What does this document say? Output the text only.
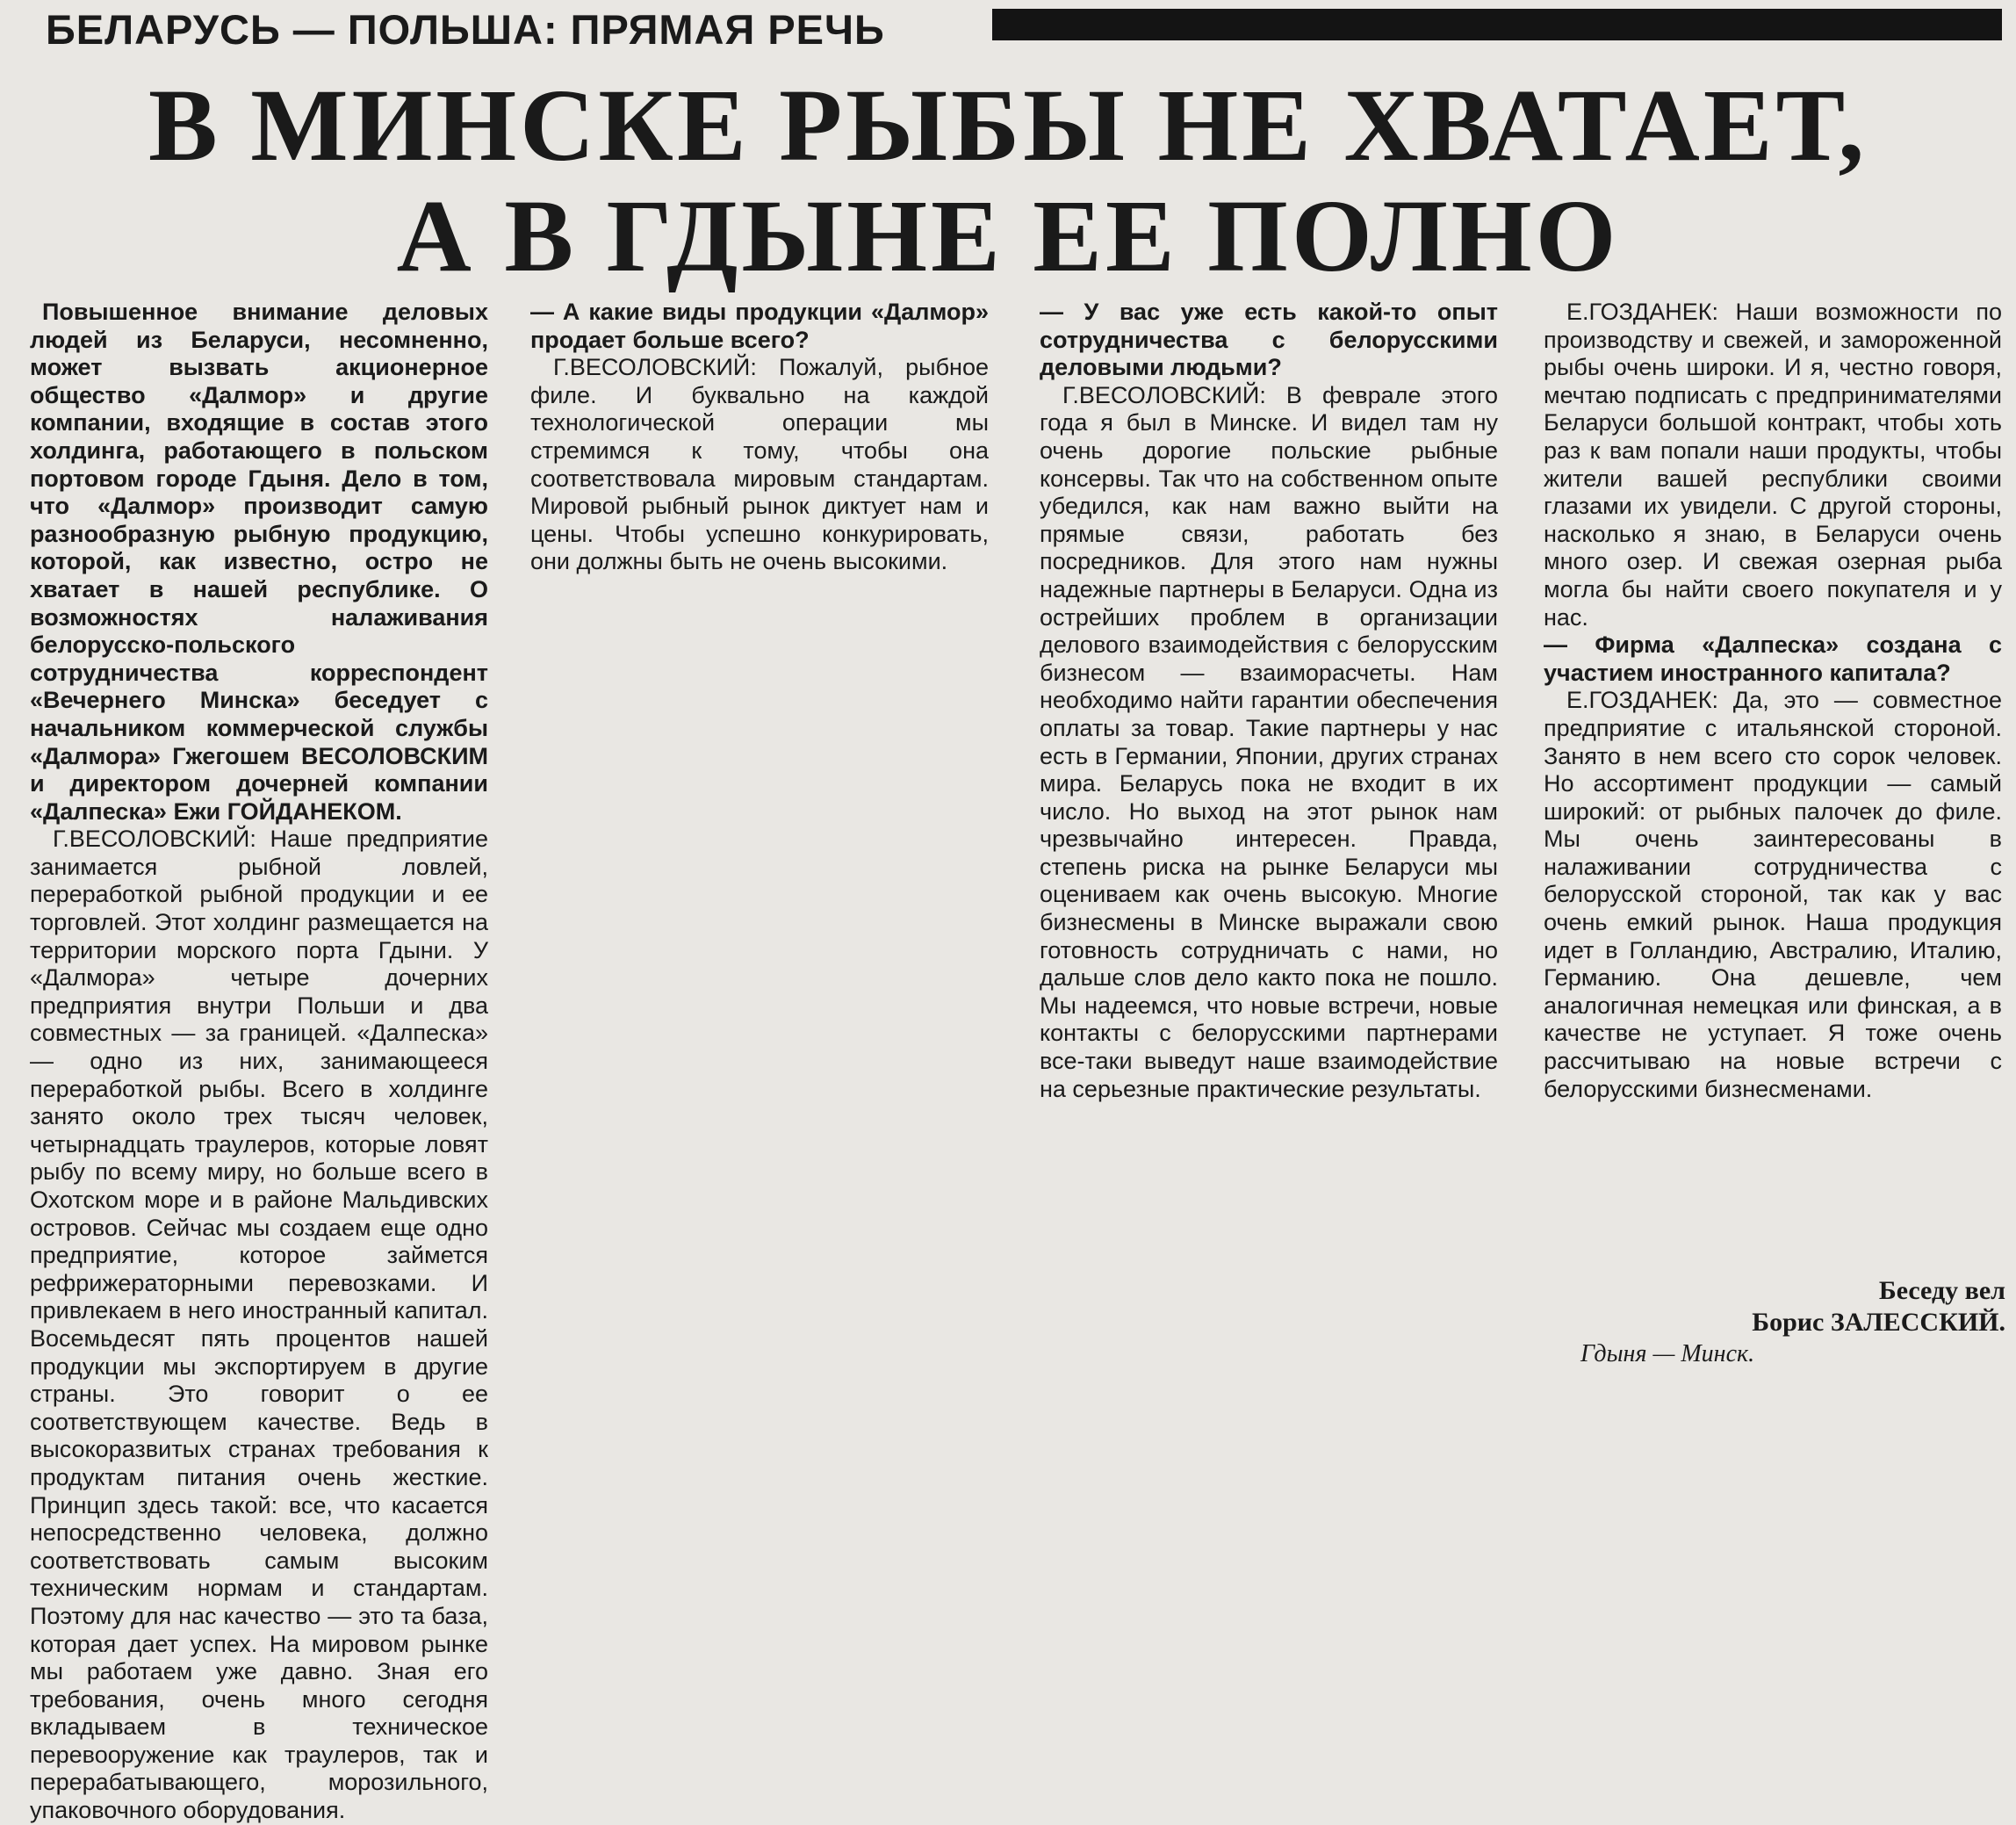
БЕЛАРУСЬ — ПОЛЬША: ПРЯМАЯ РЕЧЬ
В МИНСКЕ РЫБЫ НЕ ХВАТАЕТ,
А В ГДЫНЕ ЕЕ ПОЛНО

Повышенное внимание деловых людей из Беларуси, несомненно, может вызвать акционерное общество «Далмор» и другие компании, входящие в состав этого холдинга, работающего в польском портовом городе Гдыня. Дело в том, что «Далмор» производит самую разнообразную рыбную продукцию, которой, как известно, остро не хватает в нашей республике. О возможностях налаживания белорусско-польского сотрудничества корреспондент «Вечернего Минска» беседует с начальником коммерческой службы «Далмора» Гжегошем ВЕСОЛОВСКИМ и директором дочерней компании «Далпеска» Ежи ГОЙДАНЕКОМ.

Г.ВЕСОЛОВСКИЙ: Наше предприятие занимается рыбной ловлей, переработкой рыбной продукции и ее торговлей. Этот холдинг размещается на территории морского порта Гдыни. У «Далмора» четыре дочерних предприятия внутри Польши и два совместных — за границей. «Далпеска» — одно из них, занимающееся переработкой рыбы. Всего в холдинге занято около трех тысяч человек, четырнадцать траулеров, которые ловят рыбу по всему миру, но больше всего в Охотском море и в районе Мальдивских островов. Сейчас мы создаем еще одно предприятие, которое займется рефрижераторными перевозками. И привлекаем в него иностранный капитал. Восемьдесят пять процентов нашей продукции мы экспортируем в другие страны. Это говорит о ее соответствующем качестве. Ведь в высокоразвитых странах требования к продуктам питания очень жесткие. Принцип здесь такой: все, что касается непосредственно человека, должно соответствовать самым высоким техническим нормам и стандартам. Поэтому для нас качество — это та база, которая дает успех. На мировом рынке мы работаем уже давно. Зная его требования, очень много сегодня вкладываем в техническое перевооружение как траулеров, так и перерабатывающего, морозильного, упаковочного оборудования.

— А какие виды продукции «Далмор» продает больше всего?

Г.ВЕСОЛОВСКИЙ: Пожалуй, рыбное филе. И буквально на каждой технологической операции мы стремимся к тому, чтобы она соответствовала мировым стандартам. Мировой рыбный рынок диктует нам и цены. Чтобы успешно конкурировать, они должны быть не очень высокими.

— У вас уже есть какой-то опыт сотрудничества с белорусскими деловыми людьми?

Г.ВЕСОЛОВСКИЙ: В феврале этого года я был в Минске. И видел там ну очень дорогие польские рыбные консервы. Так что на собственном опыте убедился, как нам важно выйти на прямые связи, работать без посредников. Для этого нам нужны надежные партнеры в Беларуси. Одна из острейших проблем в организации делового взаимодействия с белорусским бизнесом — взаиморасчеты. Нам необходимо найти гарантии обеспечения оплаты за товар. Такие партнеры у нас есть в Германии, Японии, других странах мира. Беларусь пока не входит в их число. Но выход на этот рынок нам чрезвычайно интересен. Правда, степень риска на рынке Беларуси мы оцениваем как очень высокую. Многие бизнесмены в Минске выражали свою готовность сотрудничать с нами, но дальше слов дело както пока не пошло. Мы надеемся, что новые встречи, новые контакты с белорусскими партнерами все-таки выведут наше взаимодействие на серьезные практические результаты.

Е.ГОЗДАНЕК: Наши возможности по производству и свежей, и замороженной рыбы очень широки. И я, честно говоря, мечтаю подписать с предпринимателями Беларуси большой контракт, чтобы хоть раз к вам попали наши продукты, чтобы жители вашей республики своими глазами их увидели. С другой стороны, насколько я знаю, в Беларуси очень много озер. И свежая озерная рыба могла бы найти своего покупателя и у нас.

— Фирма «Далпеска» создана с участием иностранного капитала?

Е.ГОЗДАНЕК: Да, это — совместное предприятие с итальянской стороной. Занято в нем всего сто сорок человек. Но ассортимент продукции — самый широкий: от рыбных палочек до филе. Мы очень заинтересованы в налаживании сотрудничества с белорусской стороной, так как у вас очень емкий рынок. Наша продукция идет в Голландию, Австралию, Италию, Германию. Она дешевле, чем аналогичная немецкая или финская, а в качестве не уступает. Я тоже очень рассчитываю на новые встречи с белорусскими бизнесменами.

Беседу вел
Борис ЗАЛЕССКИЙ.
Гдыня — Минск.
